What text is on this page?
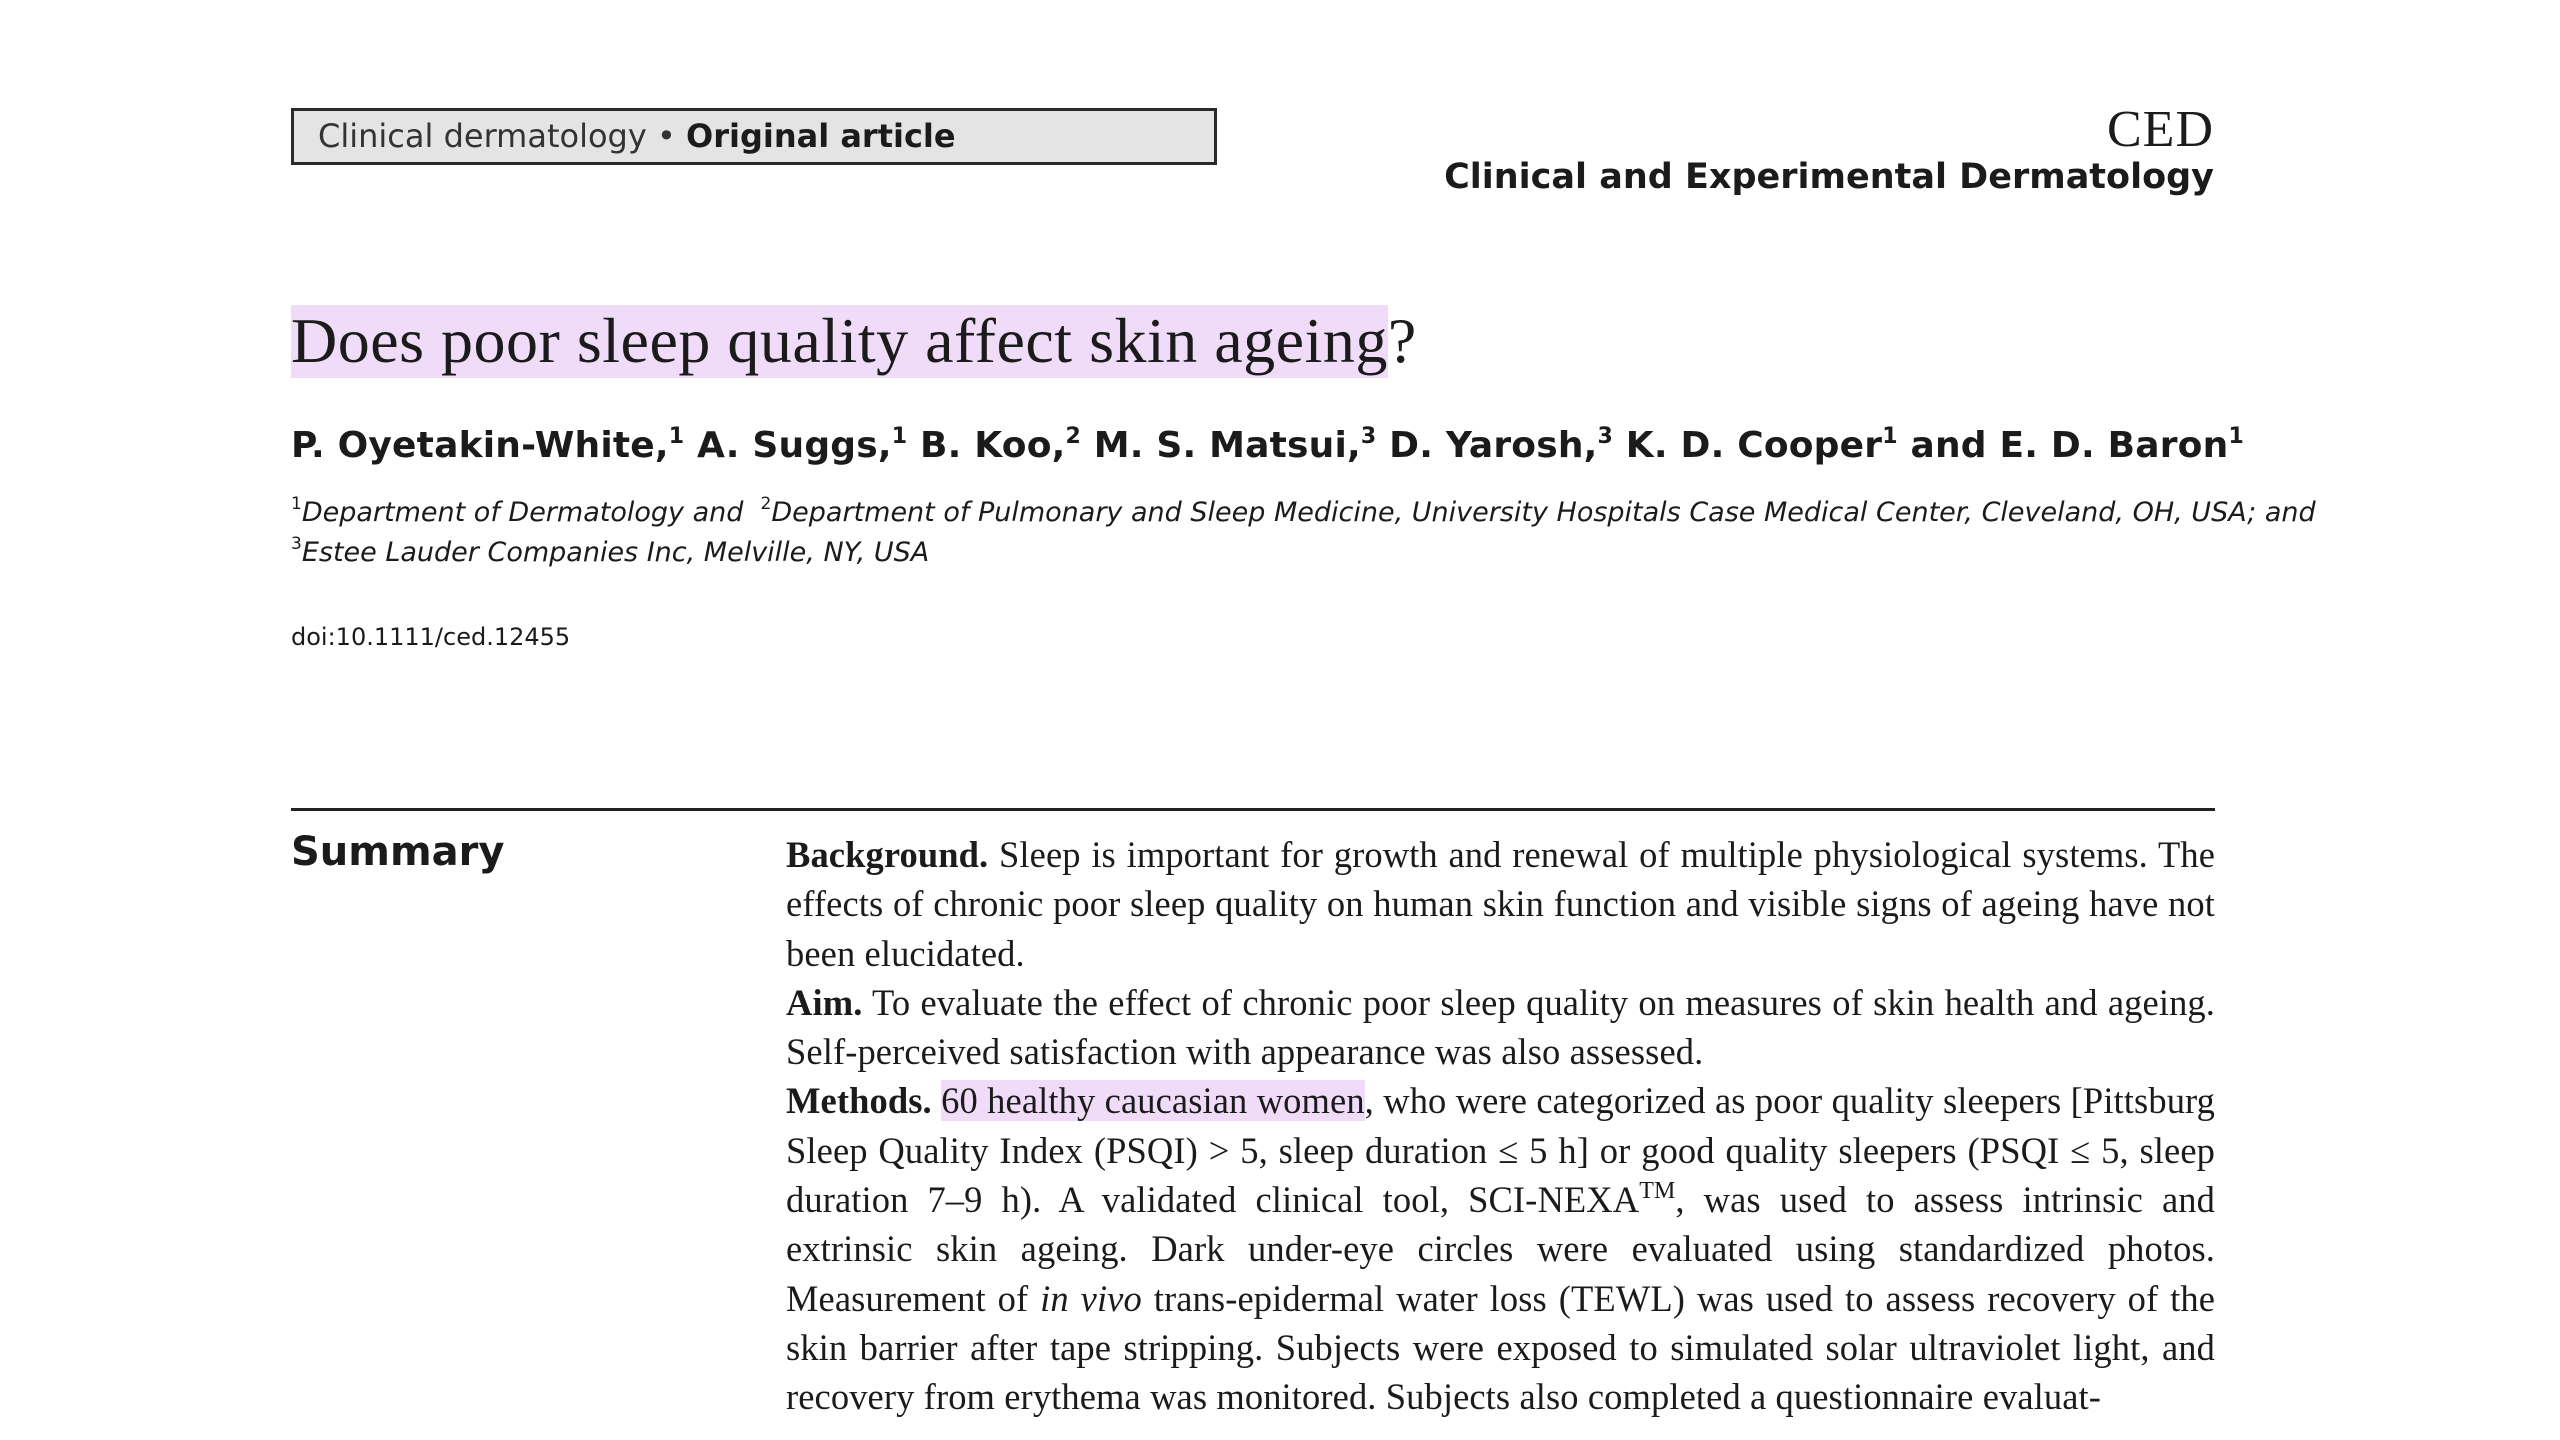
Clinical dermatology • Original article	CED
Clinical and Experimental Dermatology
Does poor sleep quality affect skin ageing?
P. Oyetakin-White,$^1$ A. Suggs,$^1$ B. Koo,$^2$ M. S. Matsui,$^3$ D. Yarosh,$^3$ K. D. Cooper$^1$ and E. D. Baron$^1$
$^1$Department of Dermatology and $^2$Department of Pulmonary and Sleep Medicine, University Hospitals Case Medical Center, Cleveland, OH, USA; and
$^3$Estee Lauder Companies Inc, Melville, NY, USA
doi:10.1111/ced.12455
Summary	Background. Sleep is important for growth and renewal of multiple physiological systems. The effects of chronic poor sleep quality on human skin function and visible signs of ageing have not been elucidated.

Aim. To evaluate the effect of chronic poor sleep quality on measures of skin health and ageing. Self-perceived satisfaction with appearance was also assessed.

Methods. 60 healthy caucasian women, who were categorized as poor quality sleepers [Pittsburg Sleep Quality Index (PSQI) > 5, sleep duration ≤ 5 h] or good quality sleepers (PSQI ≤ 5, sleep duration 7–9 h). A validated clinical tool, SCI-NEXA™, was used to assess intrinsic and extrinsic skin ageing. Dark under-eye circles were evaluated using standardized photos. Measurement of in vivo trans-epidermal water loss (TEWL) was used to assess recovery of the skin barrier after tape stripping. Subjects were exposed to simulated solar ultraviolet light, and recovery from erythema was monitored. Subjects also completed a questionnaire evaluat-
